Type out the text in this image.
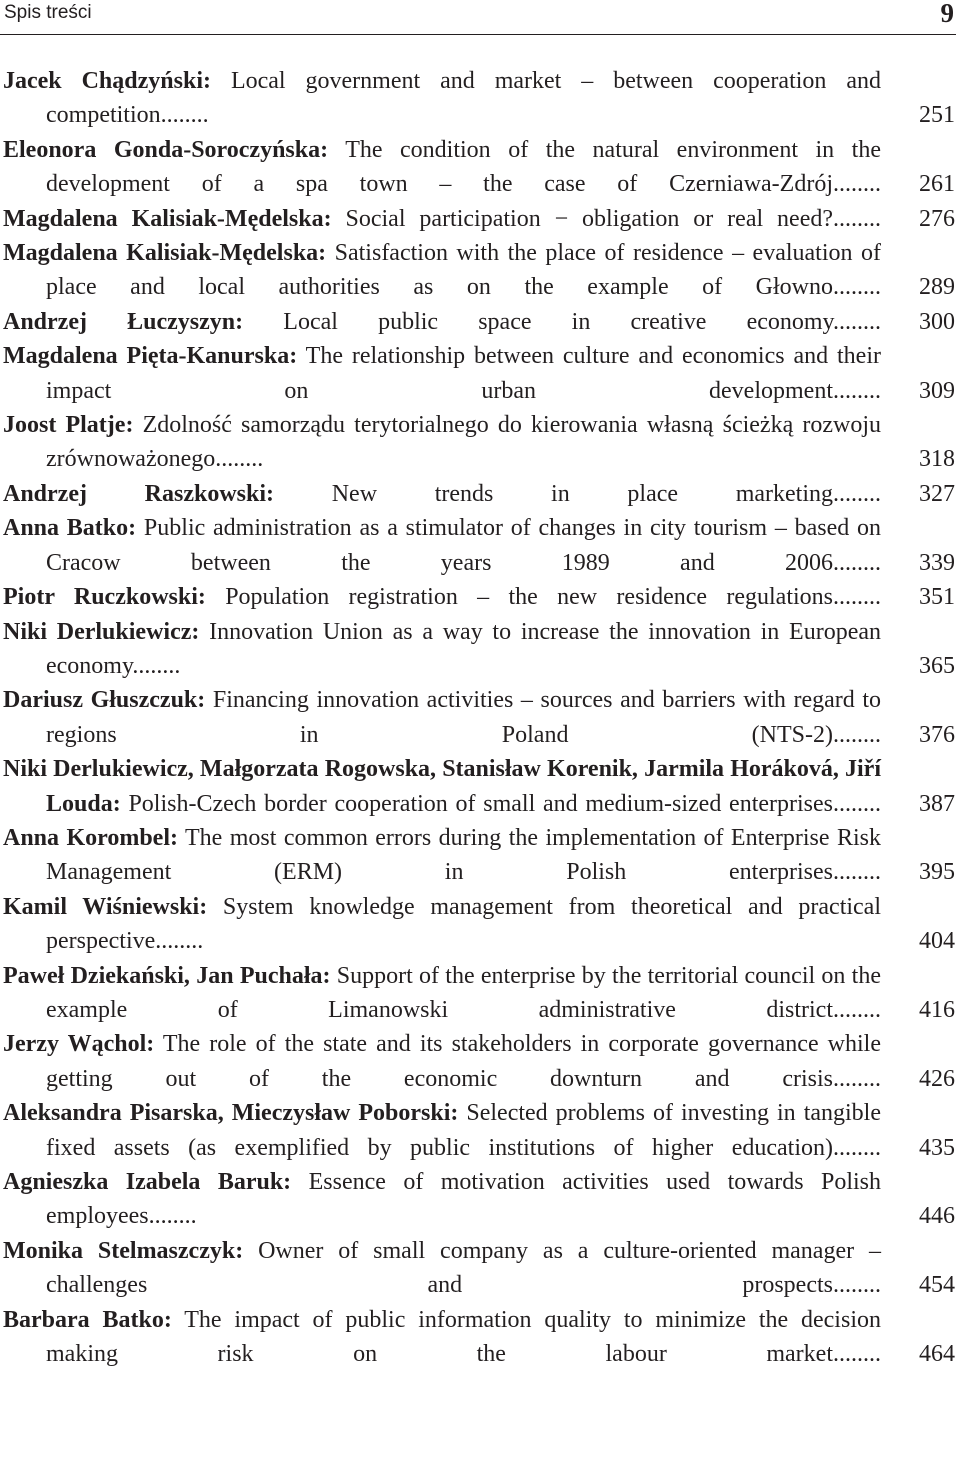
Spis treści	9
Jacek Chądzyński: Local government and market – between cooperation and competition........	251
Eleonora Gonda-Soroczyńska: The condition of the natural environment in the development of a spa town – the case of Czerniawa-Zdrój........ 261
Magdalena Kalisiak-Mędelska: Social participation − obligation or real need?........ 276
Magdalena Kalisiak-Mędelska: Satisfaction with the place of residence – evaluation of place and local authorities as on the example of Głowno........ 289
Andrzej Łuczyszyn: Local public space in creative economy........ 300
Magdalena Pięta-Kanurska: The relationship between culture and economics and their impact on urban development........ 309
Joost Platje: Zdolność samorządu terytorialnego do kierowania własną ścieżką rozwoju zrównoważonego........	318
Andrzej Raszkowski: New trends in place marketing........ 327
Anna Batko: Public administration as a stimulator of changes in city tourism – based on Cracow between the years 1989 and 2006........ 339
Piotr Ruczkowski: Population registration – the new residence regulations........ 351
Niki Derlukiewicz: Innovation Union as a way to increase the innovation in European economy........	365
Dariusz Głuszczuk: Financing innovation activities – sources and barriers with regard to regions in Poland (NTS-2)........ 376
Niki Derlukiewicz, Małgorzata Rogowska, Stanisław Korenik, Jarmila Horáková, Jiří Louda: Polish-Czech border cooperation of small and medium-sized enterprises........ 387
Anna Korombel: The most common errors during the implementation of Enterprise Risk Management (ERM) in Polish enterprises........ 395
Kamil Wiśniewski: System knowledge management from theoretical and practical perspective........	404
Paweł Dziekański, Jan Puchała: Support of the enterprise by the territorial council on the example of Limanowski administrative district........ 416
Jerzy Wąchol: The role of the state and its stakeholders in corporate governance while getting out of the economic downturn and crisis........ 426
Aleksandra Pisarska, Mieczysław Poborski: Selected problems of investing in tangible fixed assets (as exemplified by public institutions of higher education)........ 435
Agnieszka Izabela Baruk: Essence of motivation activities used towards Polish employees........	446
Monika Stelmaszczyk: Owner of small company as a culture-oriented manager – challenges and prospects........ 454
Barbara Batko: The impact of public information quality to minimize the decision making risk on the labour market........ 464
